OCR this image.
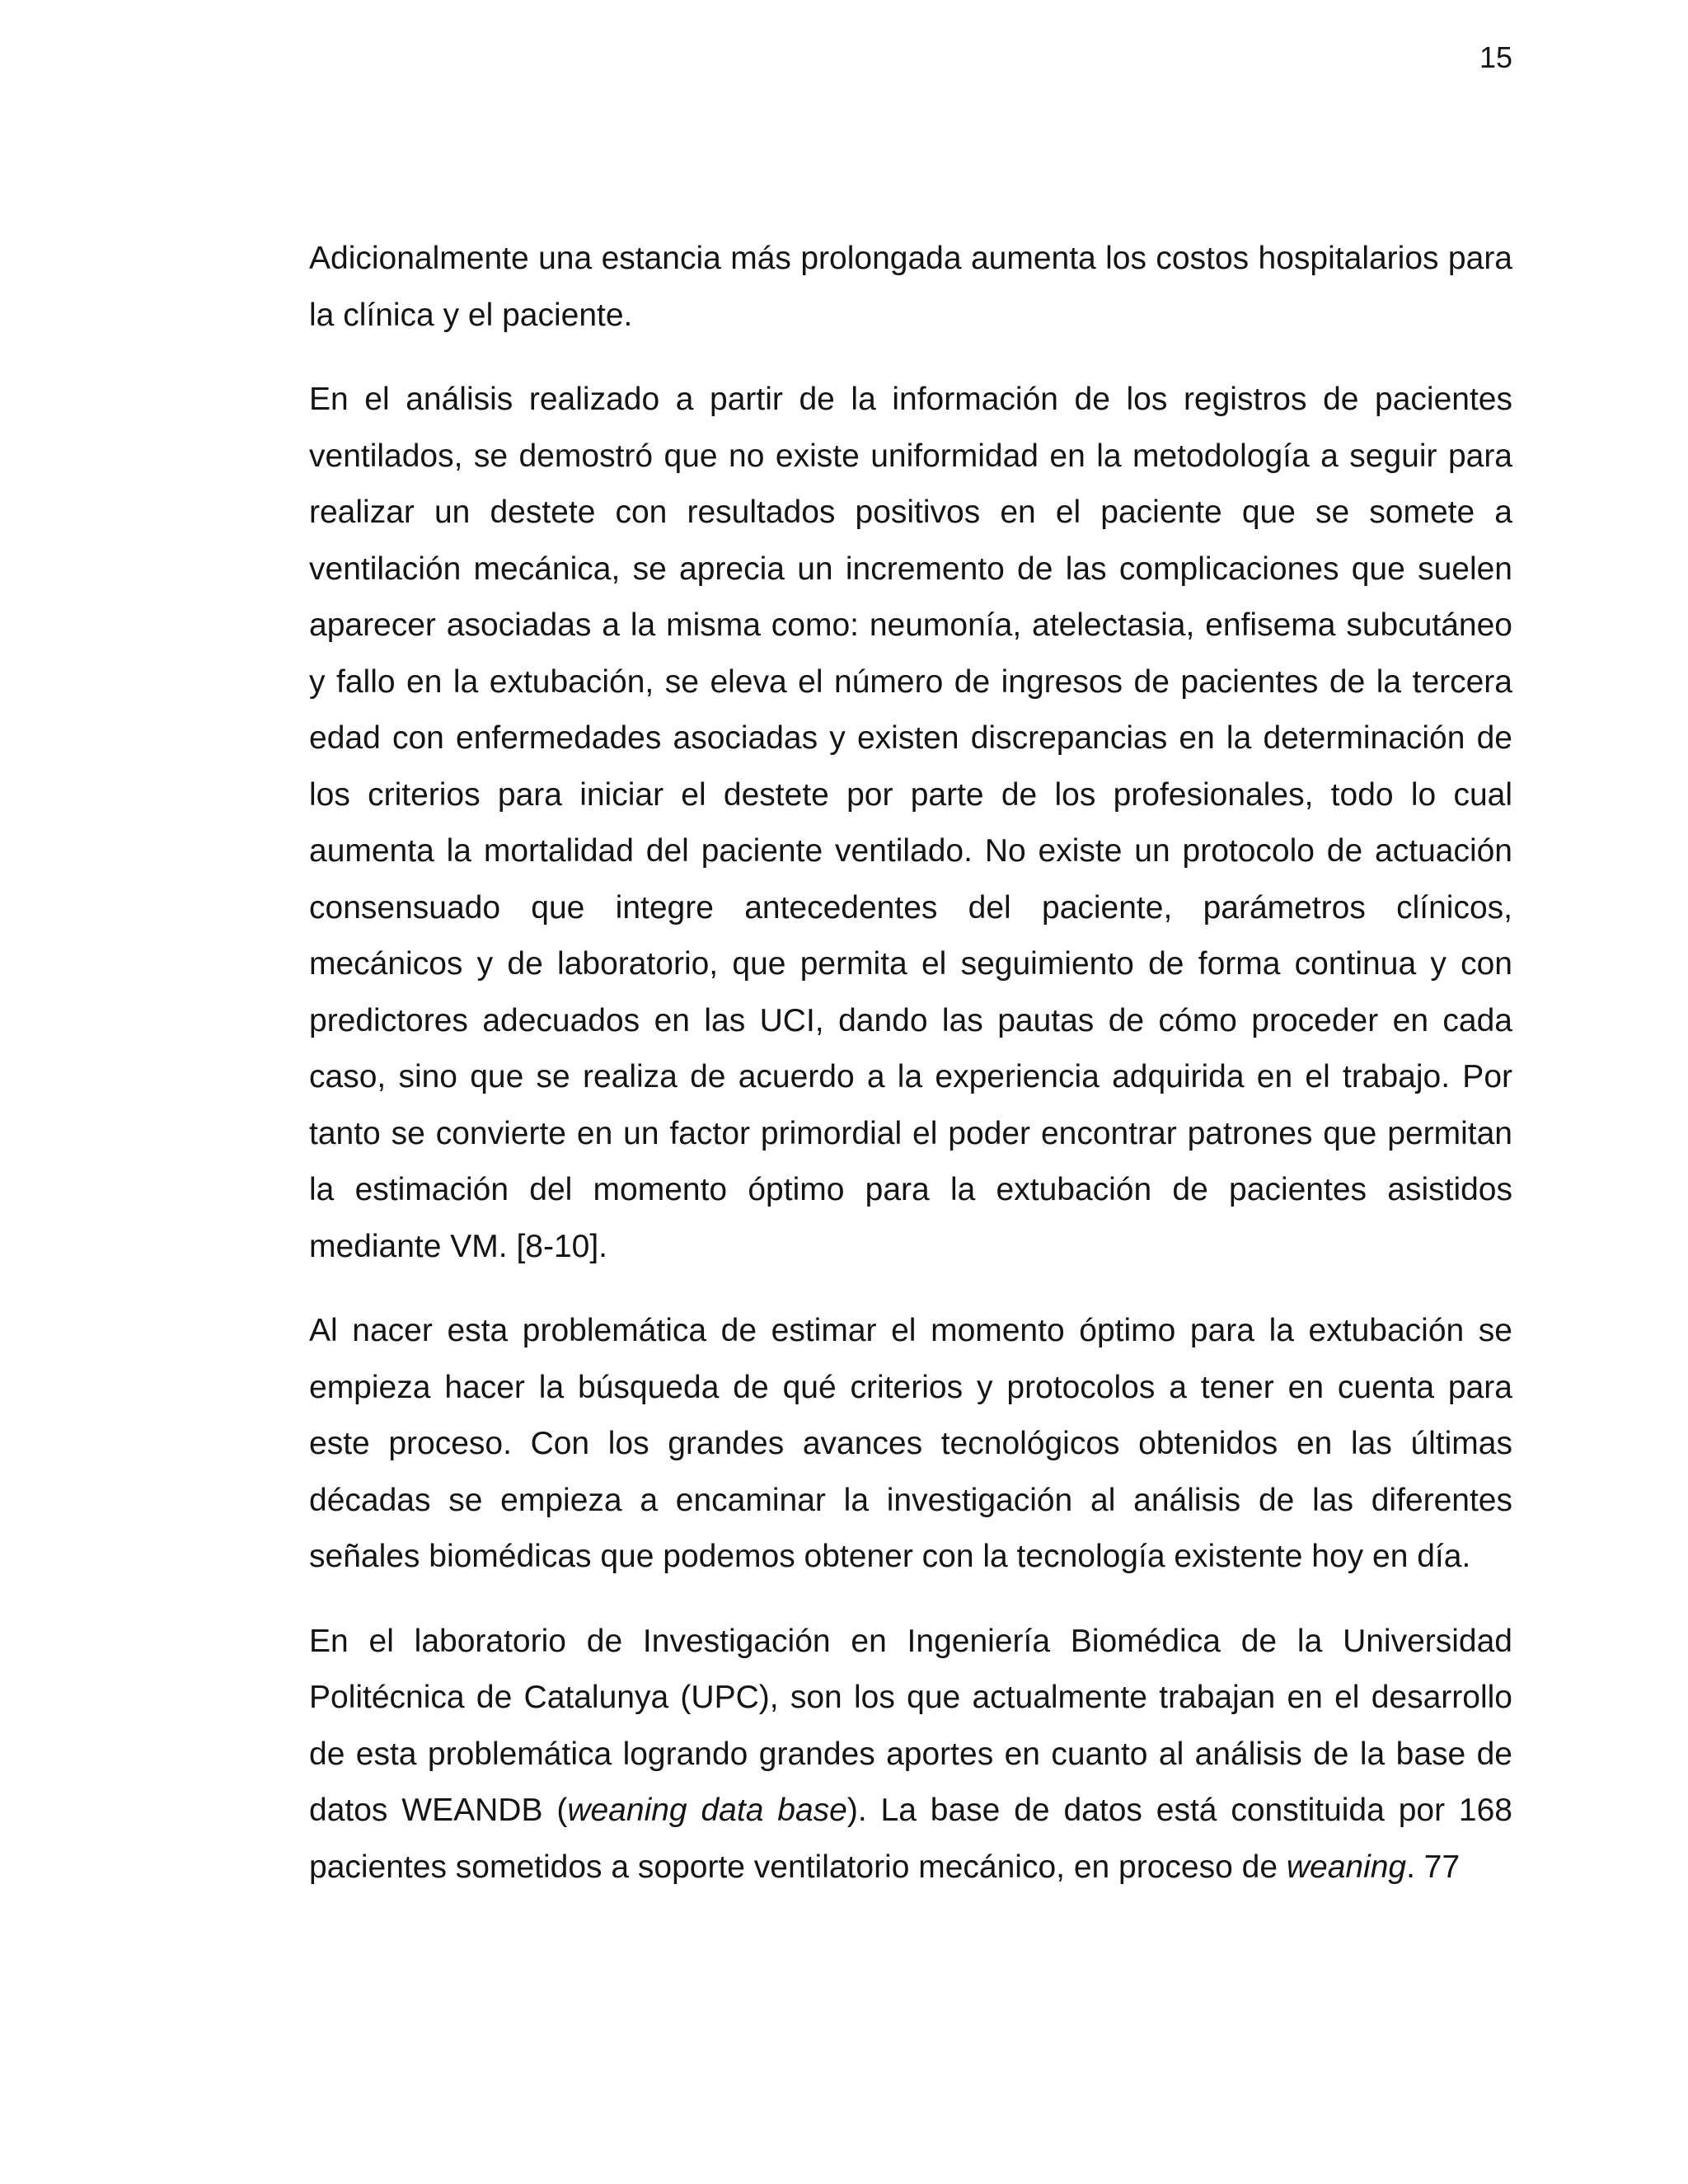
15

Adicionalmente una estancia más prolongada aumenta los costos hospitalarios para la clínica y el paciente.

En el análisis realizado a partir de la información de los registros de pacientes ventilados, se demostró que no existe uniformidad en la metodología a seguir para realizar un destete con resultados positivos en el paciente que se somete a ventilación mecánica, se aprecia un incremento de las complicaciones que suelen aparecer asociadas a la misma como: neumonía, atelectasia, enfisema subcutáneo y fallo en la extubación, se eleva el número de ingresos de pacientes de la tercera edad con enfermedades asociadas y existen discrepancias en la determinación de los criterios para iniciar el destete por parte de los profesionales, todo lo cual aumenta la mortalidad del paciente ventilado. No existe un protocolo de actuación consensuado que integre antecedentes del paciente, parámetros clínicos, mecánicos y de laboratorio, que permita el seguimiento de forma continua y con predictores adecuados en las UCI, dando las pautas de cómo proceder en cada caso, sino que se realiza de acuerdo a la experiencia adquirida en el trabajo. Por tanto se convierte en un factor primordial el poder encontrar patrones que permitan la estimación del momento óptimo para la extubación de pacientes asistidos mediante VM. [8-10].

Al nacer esta problemática de estimar el momento óptimo para la extubación se empieza hacer la búsqueda de qué criterios y protocolos a tener en cuenta para este proceso. Con los grandes avances tecnológicos obtenidos en las últimas décadas se empieza a encaminar la investigación al análisis de las diferentes señales biomédicas que podemos obtener con la tecnología existente hoy en día.

En el laboratorio de Investigación en Ingeniería Biomédica de la Universidad Politécnica de Catalunya (UPC), son los que actualmente trabajan en el desarrollo de esta problemática logrando grandes aportes en cuanto al análisis de la base de datos WEANDB (weaning data base). La base de datos está constituida por 168 pacientes sometidos a soporte ventilatorio mecánico, en proceso de weaning. 77
